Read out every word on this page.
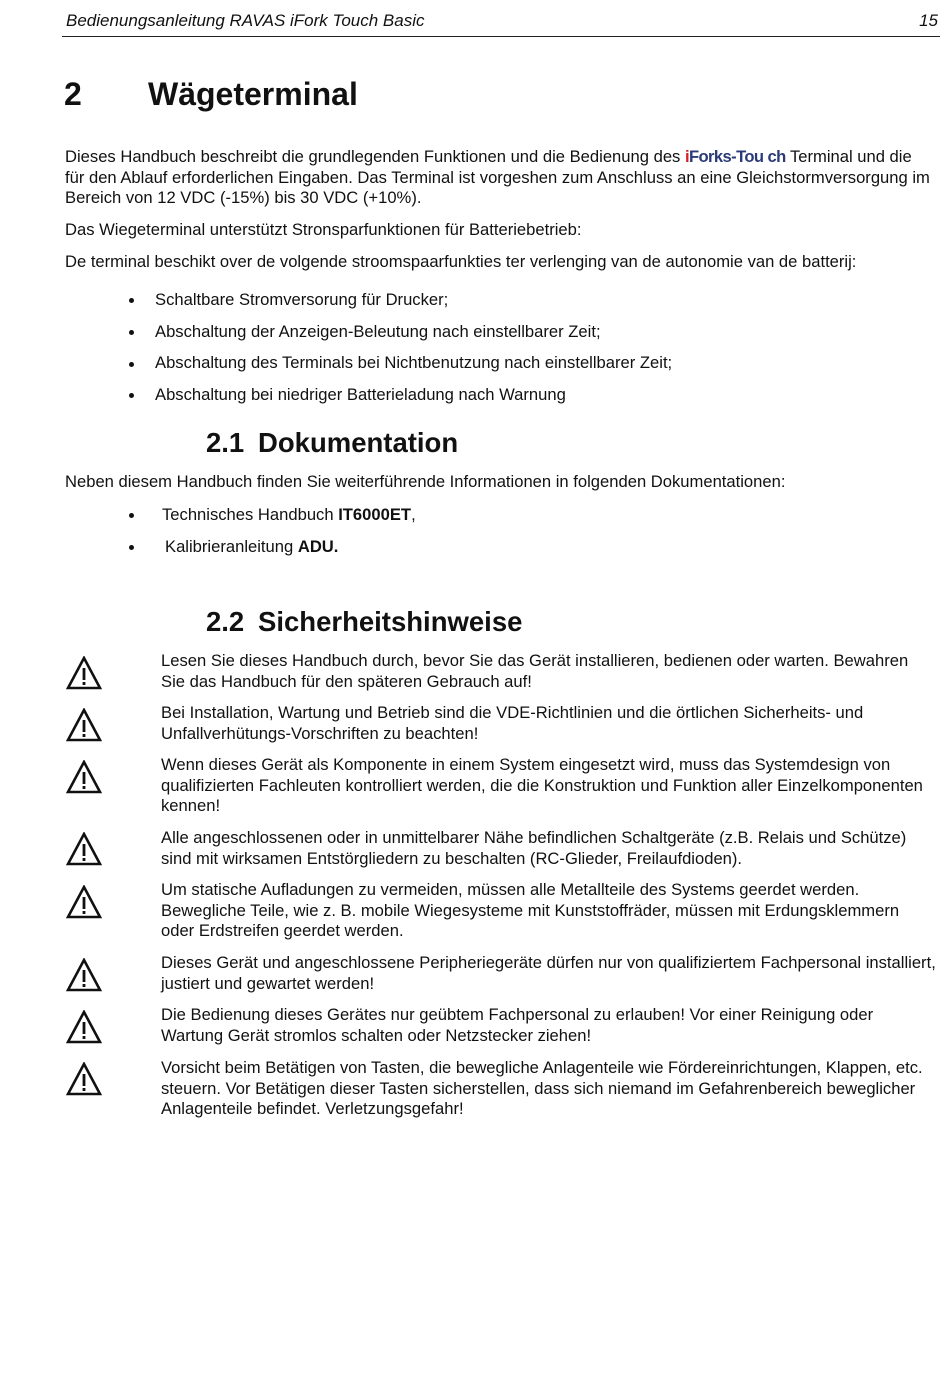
Bedienungsanleitung RAVAS iFork Touch Basic	15
2 Wägeterminal
Dieses Handbuch beschreibt die grundlegenden Funktionen und die Bedienung des iForks-Tou ch Terminal und die für den Ablauf erforderlichen Eingaben. Das Terminal ist vorgeshen zum Anschluss an eine Gleichstormversorgung im Bereich von 12 VDC (-15%) bis 30 VDC (+10%).
Das Wiegeterminal unterstützt Stronsparfunktionen für Batteriebetrieb:
De terminal beschikt over de volgende stroomspaarfunkties ter verlenging van de autonomie van de batterij:
Schaltbare Stromversorung für Drucker;
Abschaltung der Anzeigen-Beleutung nach einstellbarer Zeit;
Abschaltung des Terminals bei Nichtbenutzung nach einstellbarer Zeit;
Abschaltung bei niedriger Batterieladung nach Warnung
2.1 Dokumentation
Neben diesem Handbuch finden Sie weiterführende Informationen in folgenden Dokumentationen:
Technisches Handbuch IT6000ET,
Kalibrieranleitung ADU.
2.2 Sicherheitshinweise
Lesen Sie dieses Handbuch durch, bevor Sie das Gerät installieren, bedienen oder warten. Bewahren Sie das Handbuch für den späteren Gebrauch auf!
Bei Installation, Wartung und Betrieb sind die VDE-Richtlinien und die örtlichen Sicherheits- und Unfallverhütungs-Vorschriften zu beachten!
Wenn dieses Gerät als Komponente in einem System eingesetzt wird, muss das Systemdesign von qualifizierten Fachleuten kontrolliert werden, die die Konstruktion und Funktion aller Einzelkomponenten kennen!
Alle angeschlossenen oder in unmittelbarer Nähe befindlichen Schaltgeräte (z.B. Relais und Schütze) sind mit wirksamen Entstörgliedern zu beschalten (RC-Glieder, Freilaufdioden).
Um statische Aufladungen zu vermeiden, müssen alle Metallteile des Systems geerdet werden. Bewegliche Teile, wie z. B. mobile Wiegesysteme mit Kunststoffräder, müssen mit Erdungsklemmern oder Erdstreifen geerdet werden.
Dieses Gerät und angeschlossene Peripheriegeräte dürfen nur von qualifiziertem Fachpersonal installiert, justiert und gewartet werden!
Die Bedienung dieses Gerätes nur geübtem Fachpersonal zu erlauben! Vor einer Reinigung oder Wartung Gerät stromlos schalten oder Netzstecker ziehen!
Vorsicht beim Betätigen von Tasten, die bewegliche Anlagenteile wie Fördereinrichtungen, Klappen, etc. steuern. Vor Betätigen dieser Tasten sicherstellen, dass sich niemand im Gefahrenbereich beweglicher Anlagenteile befindet. Verletzungsgefahr!
